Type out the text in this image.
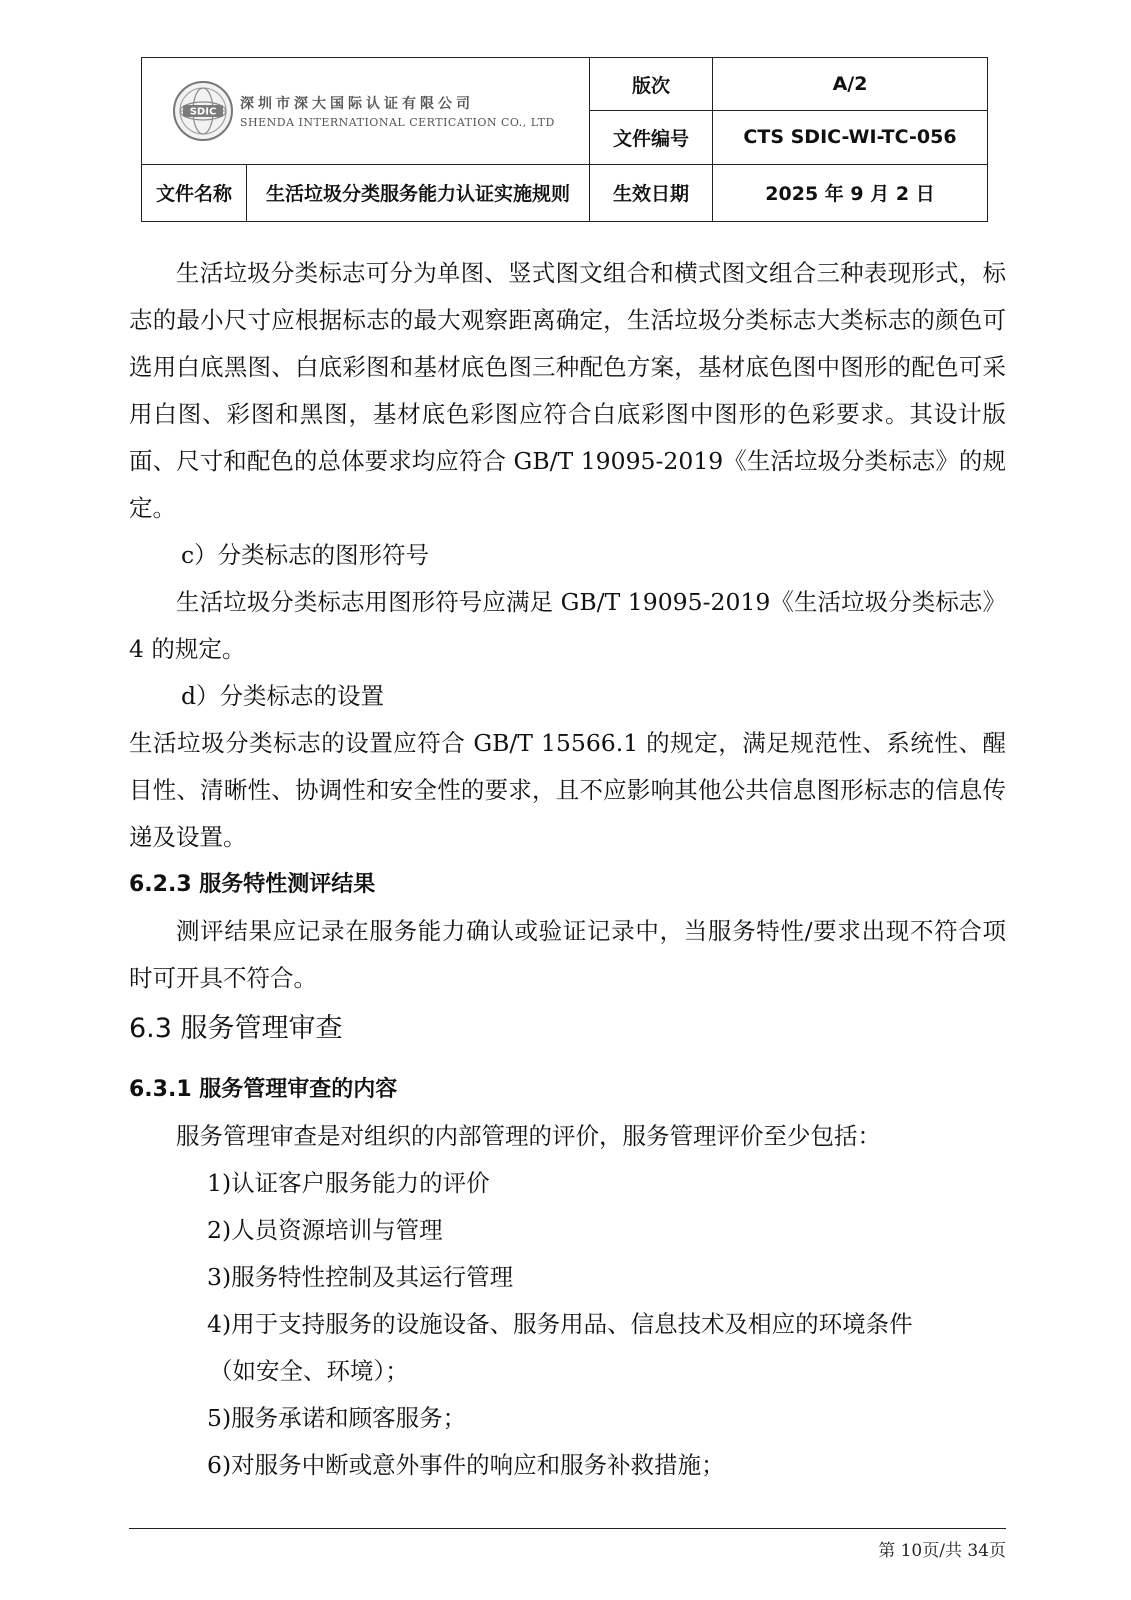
SDIC 深圳市深大国际认证有限公司
SHENDA INTERNATIONAL CERTICATION CO., LTD		版次	A/2
		文件编号	CTS SDIC-WI-TC-056
文件名称	生活垃圾分类服务能力认证实施规则	生效日期	2025 年 9 月 2 日

生活垃圾分类标志可分为单图、竖式图文组合和横式图文组合三种表现形式，标志的最小尺寸应根据标志的最大观察距离确定，生活垃圾分类标志大类标志的颜色可选用白底黑图、白底彩图和基材底色图三种配色方案，基材底色图中图形的配色可采用白图、彩图和黑图，基材底色彩图应符合白底彩图中图形的色彩要求。其设计版面、尺寸和配色的总体要求均应符合 GB/T 19095-2019《生活垃圾分类标志》的规定。

c）分类标志的图形符号

生活垃圾分类标志用图形符号应满足 GB/T 19095-2019《生活垃圾分类标志》4 的规定。

d）分类标志的设置

生活垃圾分类标志的设置应符合 GB/T 15566.1 的规定，满足规范性、系统性、醒目性、清晰性、协调性和安全性的要求，且不应影响其他公共信息图形标志的信息传递及设置。

6.2.3 服务特性测评结果

测评结果应记录在服务能力确认或验证记录中，当服务特性/要求出现不符合项时可开具不符合。

6.3 服务管理审查

6.3.1 服务管理审查的内容

服务管理审查是对组织的内部管理的评价，服务管理评价至少包括：

1)认证客户服务能力的评价

2)人员资源培训与管理

3)服务特性控制及其运行管理

4)用于支持服务的设施设备、服务用品、信息技术及相应的环境条件

（如安全、环境）；

5)服务承诺和顾客服务；

6)对服务中断或意外事件的响应和服务补救措施；

第 10页/共 34页
